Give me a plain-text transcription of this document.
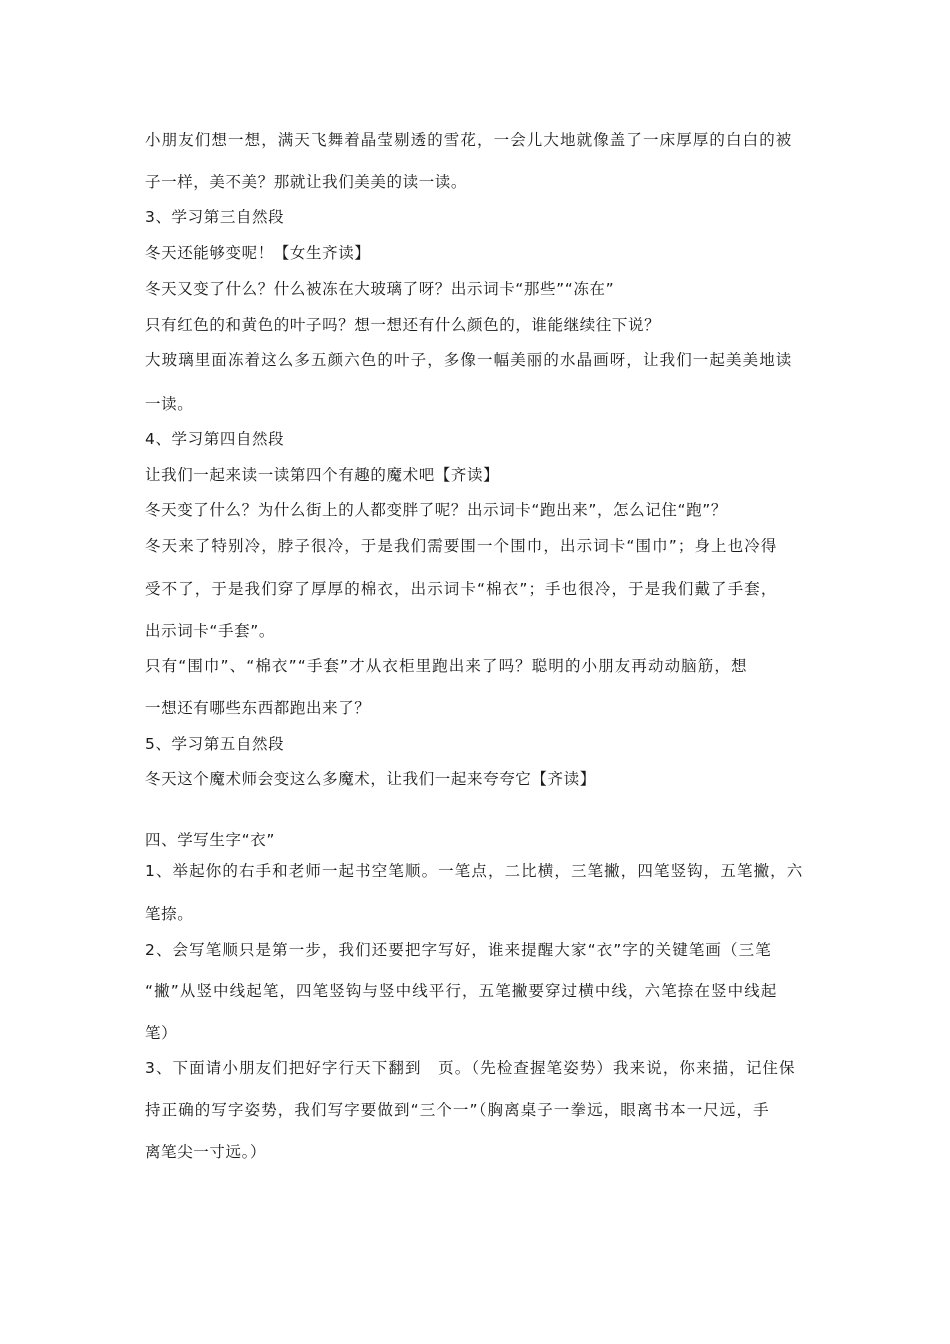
小朋友们想一想，满天飞舞着晶莹剔透的雪花，一会儿大地就像盖了一床厚厚的白白的被
子一样，美不美？那就让我们美美的读一读。
3、学习第三自然段
冬天还能够变呢！【女生齐读】
冬天又变了什么？什么被冻在大玻璃了呀？出示词卡“那些”“冻在”
只有红色的和黄色的叶子吗？想一想还有什么颜色的，谁能继续往下说？
大玻璃里面冻着这么多五颜六色的叶子，多像一幅美丽的水晶画呀，让我们一起美美地读
一读。
4、学习第四自然段
让我们一起来读一读第四个有趣的魔术吧【齐读】
冬天变了什么？为什么街上的人都变胖了呢？出示词卡“跑出来”，怎么记住“跑”？
冬天来了特别冷，脖子很冷，于是我们需要围一个围巾，出示词卡“围巾”；身上也冷得
受不了，于是我们穿了厚厚的棉衣，出示词卡“棉衣”；手也很冷，于是我们戴了手套，
出示词卡“手套”。
只有“围巾”、“棉衣”“手套”才从衣柜里跑出来了吗？聪明的小朋友再动动脑筋，想
一想还有哪些东西都跑出来了？
5、学习第五自然段
冬天这个魔术师会变这么多魔术，让我们一起来夸夸它【齐读】
四、学写生字“衣”
1、举起你的右手和老师一起书空笔顺。一笔点，二比横，三笔撇，四笔竖钩，五笔撇，六
笔捺。
2、会写笔顺只是第一步，我们还要把字写好，谁来提醒大家“衣”字的关键笔画（三笔
“撇”从竖中线起笔，四笔竖钩与竖中线平行，五笔撇要穿过横中线，六笔捺在竖中线起
笔）
3、下面请小朋友们把好字行天下翻到　页。（先检查握笔姿势）我来说，你来描，记住保
持正确的写字姿势，我们写字要做到“三个一”（胸离桌子一拳远，眼离书本一尺远，手
离笔尖一寸远。）
